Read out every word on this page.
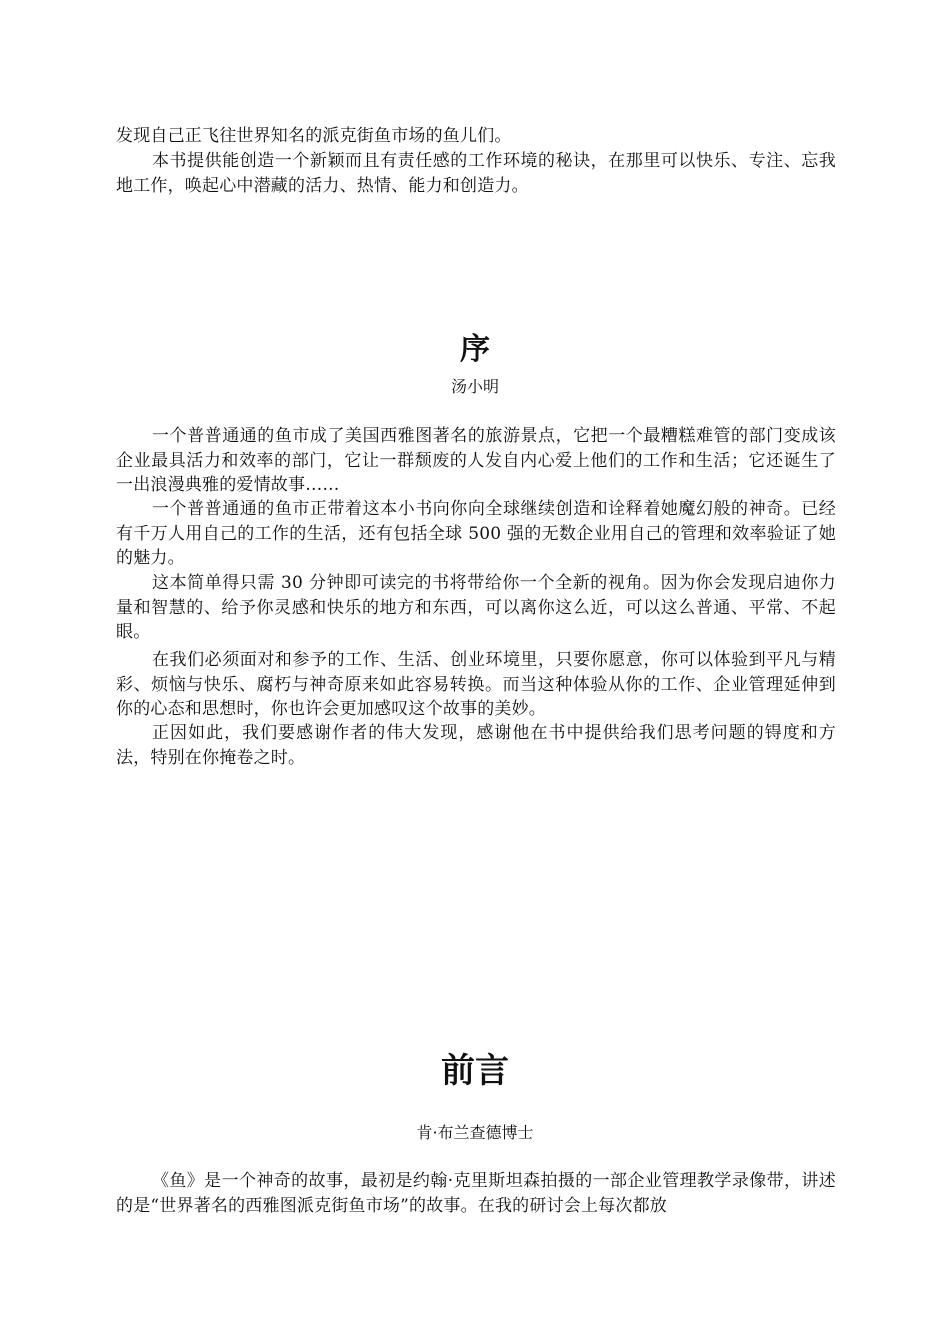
发现自己正飞往世界知名的派克街鱼市场的鱼儿们。

本书提供能创造一个新颖而且有责任感的工作环境的秘诀，在那里可以快乐、专注、忘我地工作，唤起心中潜藏的活力、热情、能力和创造力。

序

汤小明

一个普普通通的鱼市成了美国西雅图著名的旅游景点，它把一个最糟糕难管的部门变成该企业最具活力和效率的部门，它让一群颓废的人发自内心爱上他们的工作和生活；它还诞生了一出浪漫典雅的爱情故事……

一个普普通通的鱼市正带着这本小书向你向全球继续创造和诠释着她魔幻般的神奇。已经有千万人用自己的工作的生活，还有包括全球 500 强的无数企业用自己的管理和效率验证了她的魅力。

这本简单得只需 30 分钟即可读完的书将带给你一个全新的视角。因为你会发现启迪你力量和智慧的、给予你灵感和快乐的地方和东西，可以离你这么近，可以这么普通、平常、不起眼。

在我们必须面对和参予的工作、生活、创业环境里，只要你愿意，你可以体验到平凡与精彩、烦恼与快乐、腐朽与神奇原来如此容易转换。而当这种体验从你的工作、企业管理延伸到你的心态和思想时，你也许会更加感叹这个故事的美妙。

正因如此，我们要感谢作者的伟大发现，感谢他在书中提供给我们思考问题的锝度和方法，特别在你掩卷之时。

前言

肯·布兰查德博士

《鱼》是一个神奇的故事，最初是约翰·克里斯坦森拍摄的一部企业管理教学录像带，讲述的是“世界著名的西雅图派克街鱼市场”的故事。在我的研讨会上每次都放
